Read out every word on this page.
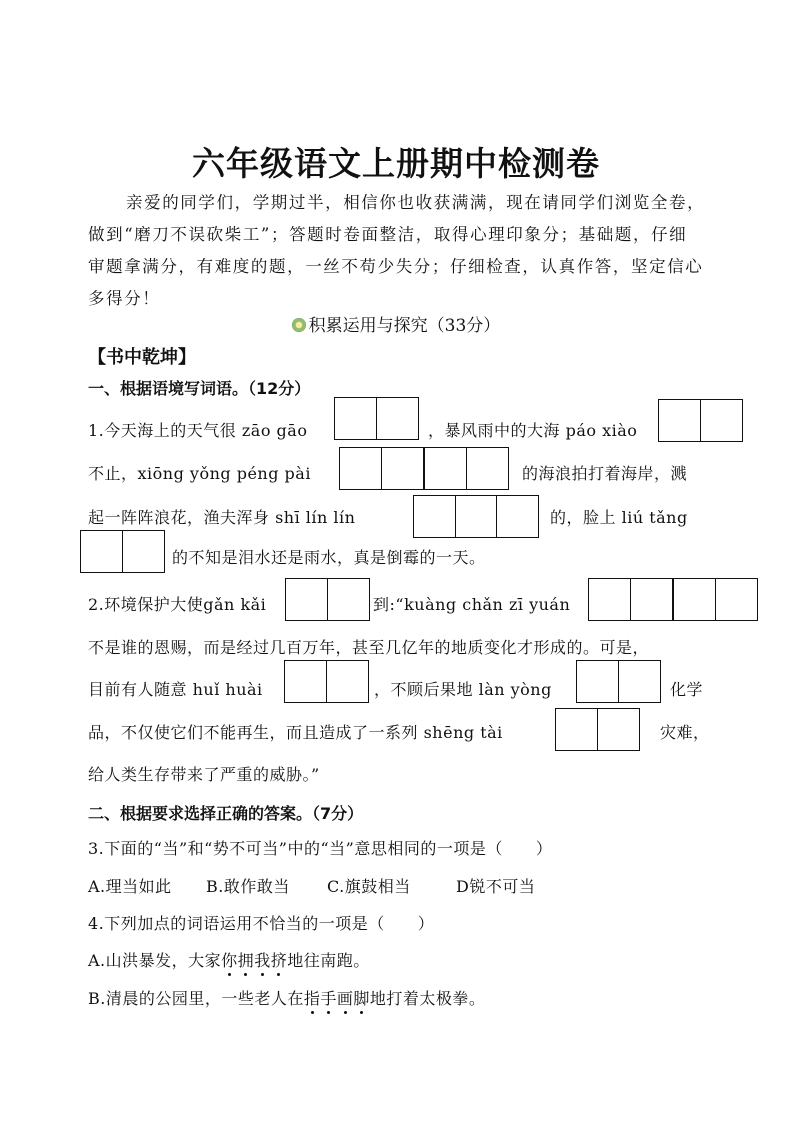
六年级语文上册期中检测卷
亲爱的同学们，学期过半，相信你也收获满满，现在请同学们浏览全卷，
做到“磨刀不误砍柴工”；答题时卷面整洁，取得心理印象分；基础题，仔细
审题拿满分，有难度的题，一丝不苟少失分；仔细检查，认真作答，坚定信心
多得分！
积累运用与探究（33分）
【书中乾坤】
一、根据语境写词语。（12分）
1.今天海上的天气很 zāo gāo	，暴风雨中的大海 páo xiào
不止，xiōng yǒng péng pài	的海浪拍打着海岸，溅
起一阵阵浪花，渔夫浑身 shī lín lín	的，脸上 liú tǎng
的不知是泪水还是雨水，真是倒霉的一天。
2.环境保护大使gǎn kǎi	到:“kuàng chǎn zī yuán
不是谁的恩赐，而是经过几百万年，甚至几亿年的地质变化才形成的。可是，
目前有人随意 huǐ huài	，不顾后果地 làn yòng	化学
品，不仅使它们不能再生，而且造成了一系列 shēng tài	灾难，
给人类生存带来了严重的威胁。”
二、根据要求选择正确的答案。（7分）
3.下面的“当”和“势不可当”中的“当”意思相同的一项是（　　）
A.理当如此 B.敢作敢当 C.旗鼓相当	D锐不可当
4.下列加点的词语运用不恰当的一项是（　　）
A.山洪暴发，大家你拥我挤地往南跑。
B.清晨的公园里，一些老人在指手画脚地打着太极拳。
